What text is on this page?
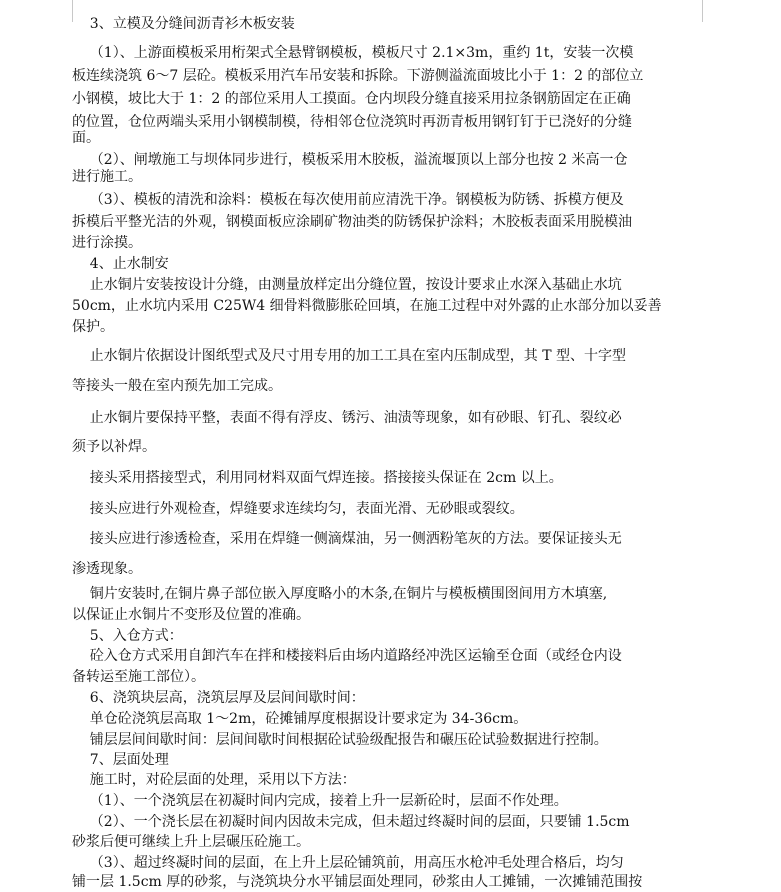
3、立模及分缝间沥青衫木板安装
（1）、上游面模板采用桁架式全悬臂钢模板，模板尺寸 2.1×3m，重约 1t，安装一次模
板连续浇筑 6～7 层砼。模板采用汽车吊安装和拆除。下游侧溢流面坡比小于 1：2 的部位立
小钢模，坡比大于 1：2 的部位采用人工摸面。仓内坝段分缝直接采用拉条钢筋固定在正确
的位置，仓位两端头采用小钢模制模，待相邻仓位浇筑时再沥青板用钢钉钉于已浇好的分缝
面。
（2）、闸墩施工与坝体同步进行，模板采用木胶板，溢流堰顶以上部分也按 2 米高一仓
进行施工。
（3）、模板的清洗和涂料：模板在每次使用前应清洗干净。钢模板为防锈、拆模方便及
拆模后平整光洁的外观，钢模面板应涂刷矿物油类的防锈保护涂料；木胶板表面采用脱模油
进行涂摸。
4、止水制安
止水铜片安装按设计分缝，由测量放样定出分缝位置，按设计要求止水深入基础止水坑
50cm，止水坑内采用 C25W4 细骨料微膨胀砼回填，在施工过程中对外露的止水部分加以妥善
保护。
止水铜片依据设计图纸型式及尺寸用专用的加工工具在室内压制成型，其 T 型、十字型
等接头一般在室内预先加工完成。
止水铜片要保持平整，表面不得有浮皮、锈污、油渍等现象，如有砂眼、钉孔、裂纹必
须予以补焊。
接头采用搭接型式，利用同材料双面气焊连接。搭接接头保证在 2cm 以上。
接头应进行外观检查，焊缝要求连续均匀，表面光滑、无砂眼或裂纹。
接头应进行渗透检查，采用在焊缝一侧滴煤油，另一侧洒粉笔灰的方法。要保证接头无
渗透现象。
铜片安装时,在铜片鼻子部位嵌入厚度略小的木条,在铜片与模板横围囹间用方木填塞,
以保证止水铜片不变形及位置的准确。
5、入仓方式：
砼入仓方式采用自卸汽车在拌和楼接料后由场内道路经冲洗区运输至仓面（或经仓内设
备转运至施工部位）。
6、浇筑块层高，浇筑层厚及层间间歇时间：
单仓砼浇筑层高取 1～2m，砼摊铺厚度根据设计要求定为 34-36cm。
铺层层间间歇时间：层间间歇时间根据砼试验级配报告和碾压砼试验数据进行控制。
7、层面处理
施工时，对砼层面的处理，采用以下方法：
（1）、一个浇筑层在初凝时间内完成，接着上升一层新砼时，层面不作处理。
（2）、一个浇长层在初凝时间内因故未完成，但未超过终凝时间的层面，只要铺 1.5cm
砂浆后便可继续上升上层碾压砼施工。
（3）、超过终凝时间的层面，在上升上层砼铺筑前，用高压水枪冲毛处理合格后，均匀
铺一层 1.5cm 厚的砂浆，与浇筑块分水平铺层面处理同，砂浆由人工摊铺，一次摊铺范围按
